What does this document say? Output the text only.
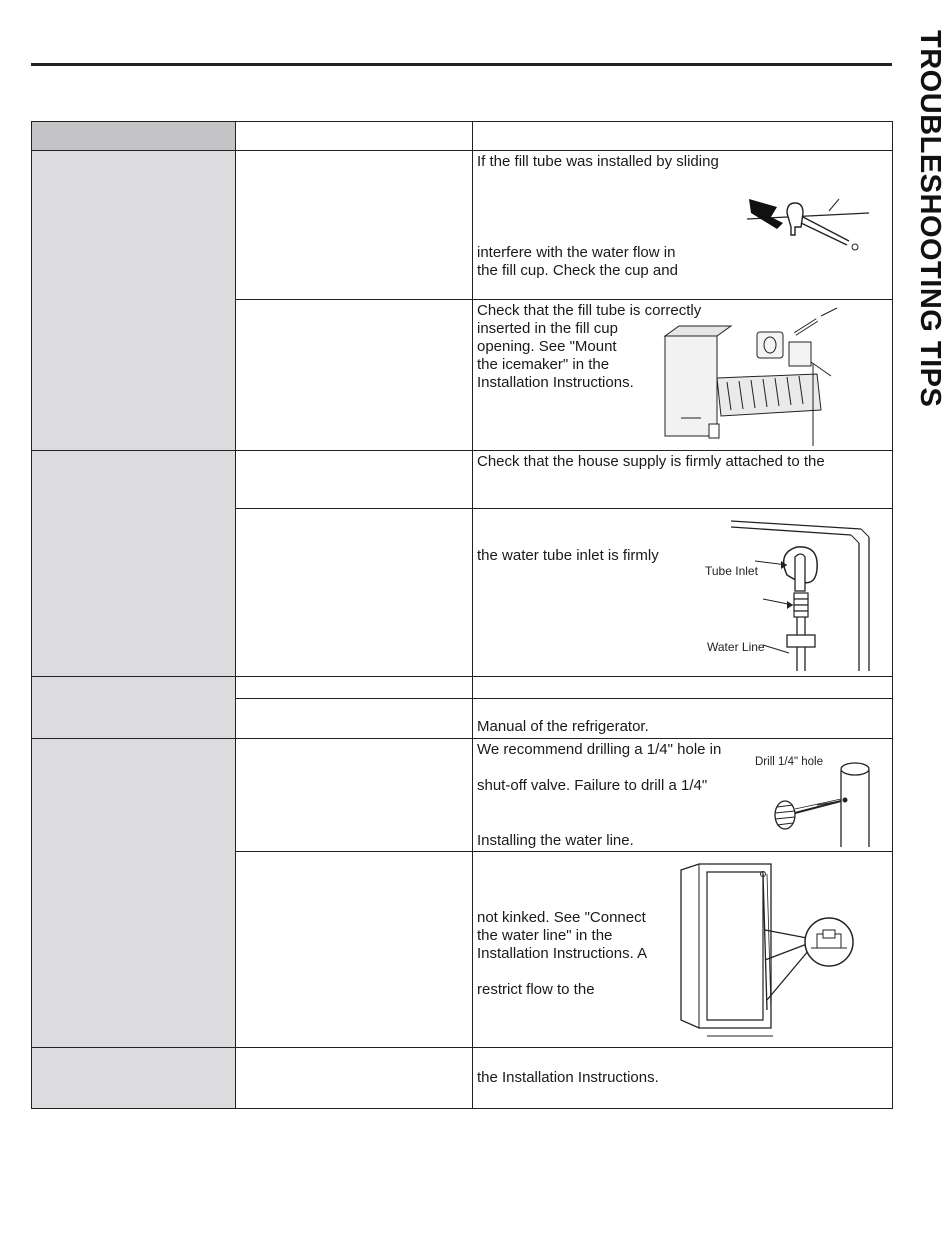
TROUBLESHOOTING TIPS
If the fill tube was installed by sliding
interfere with the water flow in
the fill cup. Check the cup and
Check that the fill tube is correctly
inserted in the fill cup
opening. See "Mount
the icemaker" in the
Installation Instructions.
Check that the house supply is firmly attached to the
the water tube inlet is firmly
Tube Inlet
Water Line
Manual of the refrigerator.
We recommend drilling a 1/4" hole in
shut-off valve. Failure to drill a 1/4"
Installing the water line.
Drill 1/4" hole
not kinked. See "Connect
the water line" in the
Installation Instructions. A
restrict flow to the
the Installation Instructions.
